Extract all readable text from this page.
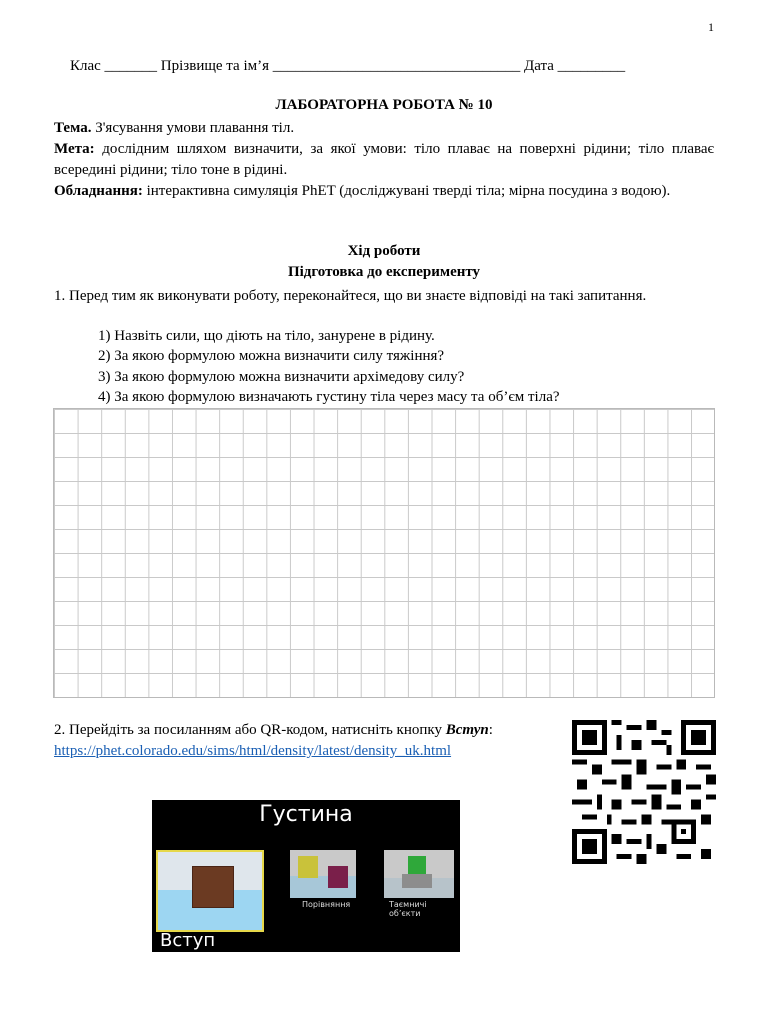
1
Клас _______ Прізвище та ім’я _________________________________ Дата _________
ЛАБОРАТОРНА РОБОТА № 10
Тема. З'ясування умови плавання тіл.
Мета: дослідним шляхом визначити, за якої умови: тіло плаває на поверхні рідини; тіло плаває всередині рідини; тіло тоне в рідині.
Обладнання: інтерактивна симуляція PhET (досліджувані тверді тіла; мірна посудина з водою).
Хід роботи
Підготовка до експерименту
1. Перед тим як виконувати роботу, переконайтеся, що ви знаєте відповіді на такі запитання.
1) Назвіть сили, що діють на тіло, занурене в рідину.
2) За якою формулою можна визначити силу тяжіння?
3) За якою формулою можна визначити архімедову силу?
4) За якою формулою визначають густину тіла через масу та об’єм тіла?
2. Перейдіть за посиланням або QR-кодом, натисніть кнопку Вступ:
https://phet.colorado.edu/sims/html/density/latest/density_uk.html
Густина
Вступ
Порівняння	Таємничі об’єкти
